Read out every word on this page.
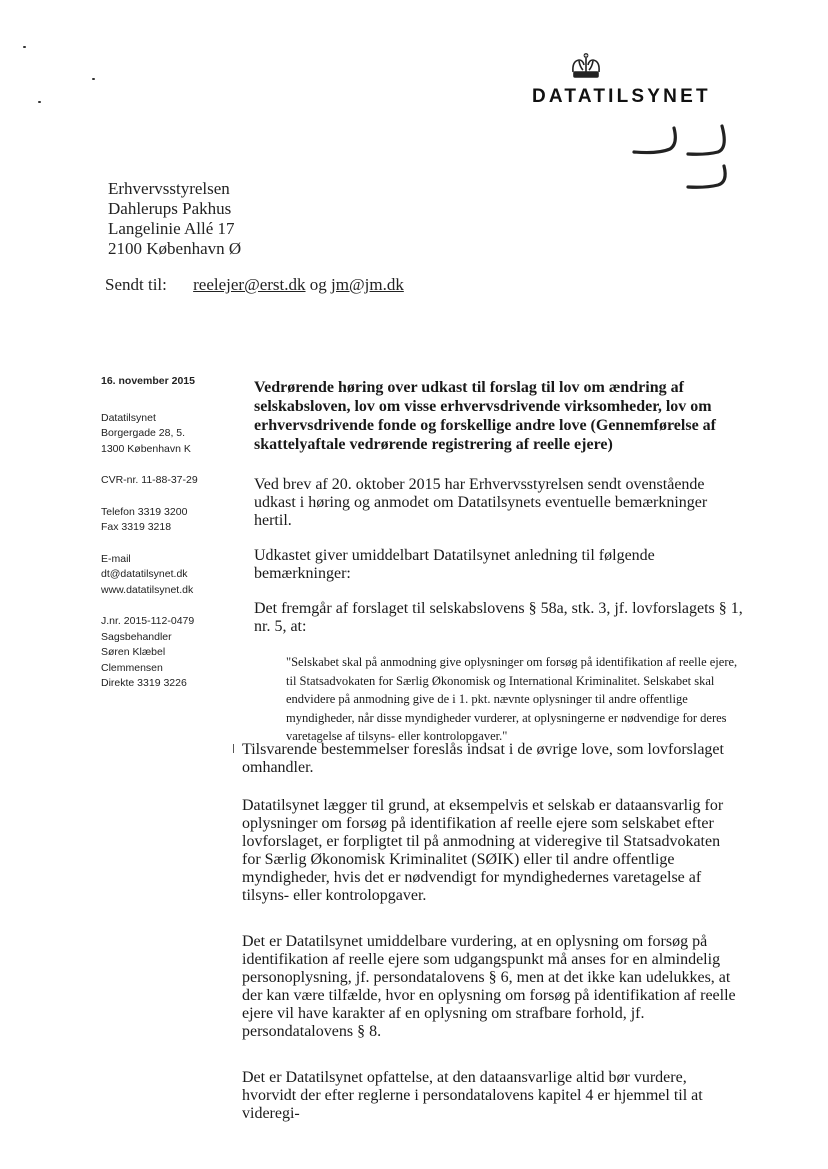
DATATILSYNET
Erhvervsstyrelsen
Dahlerups Pakhus
Langelinie Allé 17
2100 København Ø
Sendt til: reelejer@erst.dk og jm@jm.dk
16. november 2015
Datatilsynet
Borgergade 28, 5.
1300 København K
CVR-nr. 11-88-37-29
Telefon 3319 3200
Fax 3319 3218
E-mail
dt@datatilsynet.dk
www.datatilsynet.dk
J.nr. 2015-112-0479
Sagsbehandler
Søren Klæbel
Clemmensen
Direkte 3319 3226

Vedrørende høring over udkast til forslag til lov om ændring af selskabsloven, lov om visse erhvervsdrivende virksomheder, lov om erhvervsdrivende fonde og forskellige andre love (Gennemførelse af skattelyaftale vedrørende registrering af reelle ejere)

Ved brev af 20. oktober 2015 har Erhvervsstyrelsen sendt ovenstående udkast i høring og anmodet om Datatilsynets eventuelle bemærkninger hertil.

Udkastet giver umiddelbart Datatilsynet anledning til følgende bemærkninger:

Det fremgår af forslaget til selskabslovens § 58a, stk. 3, jf. lovforslagets § 1, nr. 5, at:

"Selskabet skal på anmodning give oplysninger om forsøg på identifikation af reelle ejere, til Statsadvokaten for Særlig Økonomisk og International Kriminalitet. Selskabet skal endvidere på anmodning give de i 1. pkt. nævnte oplysninger til andre offentlige myndigheder, når disse myndigheder vurderer, at oplysningerne er nødvendige for deres varetagelse af tilsyns- eller kontrolopgaver."

Tilsvarende bestemmelser foreslås indsat i de øvrige love, som lovforslaget omhandler.

Datatilsynet lægger til grund, at eksempelvis et selskab er dataansvarlig for oplysninger om forsøg på identifikation af reelle ejere som selskabet efter lovforslaget, er forpligtet til på anmodning at videregive til Statsadvokaten for Særlig Økonomisk Kriminalitet (SØIK) eller til andre offentlige myndigheder, hvis det er nødvendigt for myndighedernes varetagelse af tilsyns- eller kontrolopgaver.

Det er Datatilsynet umiddelbare vurdering, at en oplysning om forsøg på identifikation af reelle ejere som udgangspunkt må anses for en almindelig personoplysning, jf. persondatalovens § 6, men at det ikke kan udelukkes, at der kan være tilfælde, hvor en oplysning om forsøg på identifikation af reelle ejere vil have karakter af en oplysning om strafbare forhold, jf. persondatalovens § 8.

Det er Datatilsynet opfattelse, at den dataansvarlige altid bør vurdere, hvorvidt der efter reglerne i persondatalovens kapitel 4 er hjemmel til at videregi-
